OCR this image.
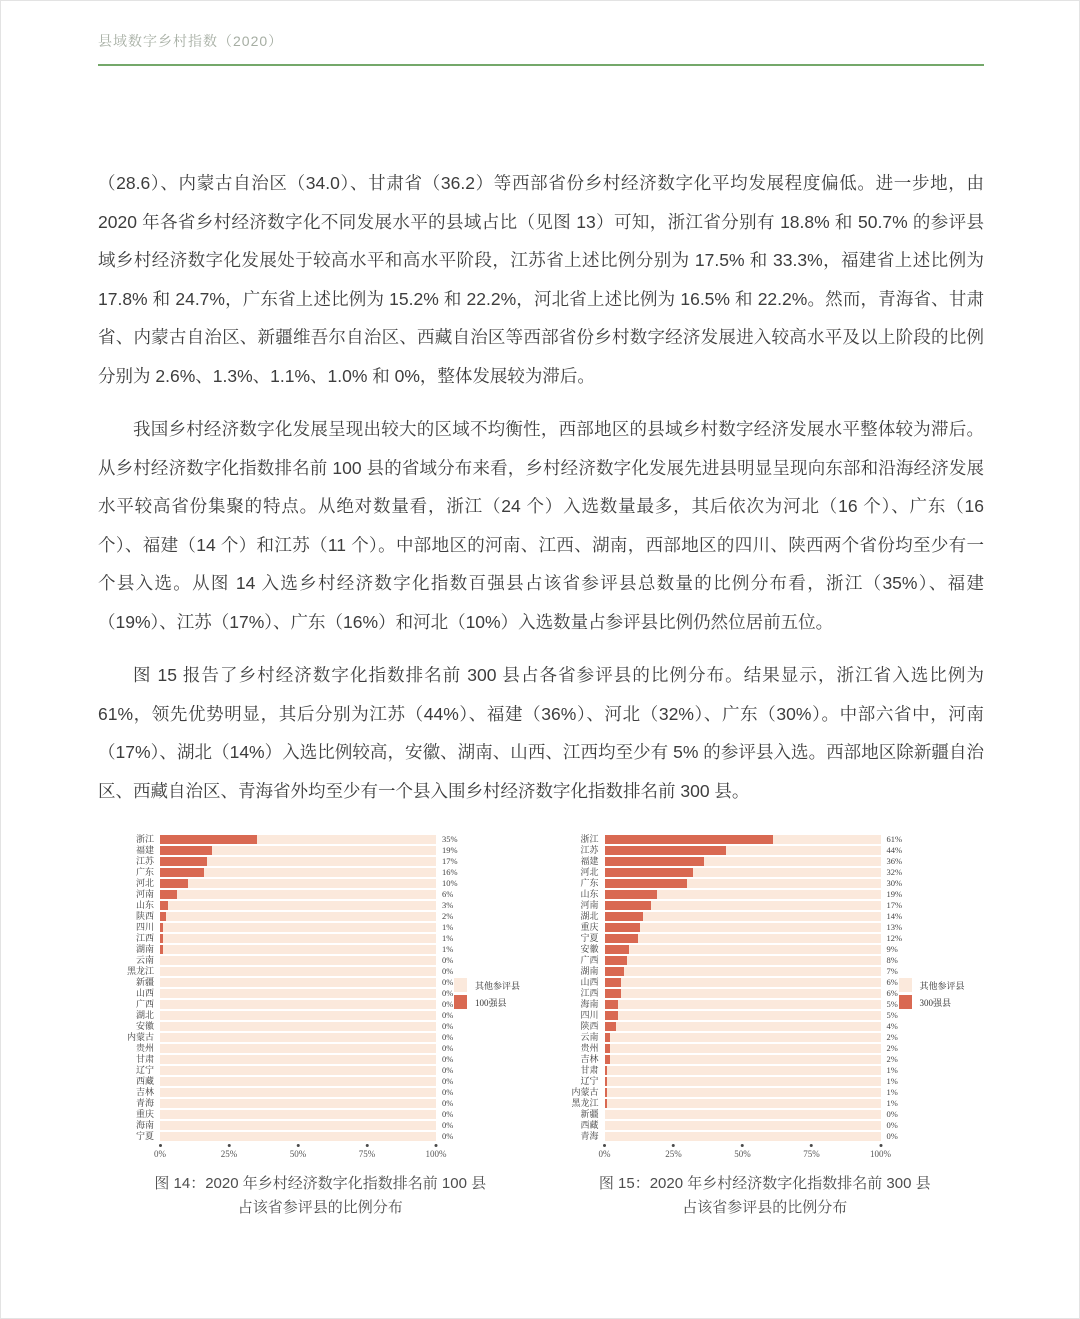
县域数字乡村指数（2020）

（28.6）、内蒙古自治区（34.0）、甘肃省（36.2）等西部省份乡村经济数字化平均发展程度偏低。进一步地，由 2020 年各省乡村经济数字化不同发展水平的县域占比（见图 13）可知，浙江省分别有 18.8% 和 50.7% 的参评县域乡村经济数字化发展处于较高水平和高水平阶段，江苏省上述比例分别为 17.5% 和 33.3%，福建省上述比例为 17.8% 和 24.7%，广东省上述比例为 15.2% 和 22.2%，河北省上述比例为 16.5% 和 22.2%。然而，青海省、甘肃省、内蒙古自治区、新疆维吾尔自治区、西藏自治区等西部省份乡村数字经济发展进入较高水平及以上阶段的比例分别为 2.6%、1.3%、1.1%、1.0% 和 0%，整体发展较为滞后。

我国乡村经济数字化发展呈现出较大的区域不均衡性，西部地区的县域乡村数字经济发展水平整体较为滞后。从乡村经济数字化指数排名前 100 县的省域分布来看，乡村经济数字化发展先进县明显呈现向东部和沿海经济发展水平较高省份集聚的特点。从绝对数量看，浙江（24 个）入选数量最多，其后依次为河北（16 个）、广东（16 个）、福建（14 个）和江苏（11 个）。中部地区的河南、江西、湖南，西部地区的四川、陕西两个省份均至少有一个县入选。从图 14 入选乡村经济数字化指数百强县占该省参评县总数量的比例分布看，浙江（35%）、福建（19%）、江苏（17%）、广东（16%）和河北（10%）入选数量占参评县比例仍然位居前五位。

图 15 报告了乡村经济数字化指数排名前 300 县占各省参评县的比例分布。结果显示，浙江省入选比例为 61%，领先优势明显，其后分别为江苏（44%）、福建（36%）、河北（32%）、广东（30%）。中部六省中，河南（17%）、湖北（14%）入选比例较高，安徽、湖南、山西、江西均至少有 5% 的参评县入选。西部地区除新疆自治区、西藏自治区、青海省外均至少有一个县入围乡村经济数字化指数排名前 300 县。

浙江
福建
江苏
广东
河北
河南
山东
陕西
四川
江西
湖南
云南
黑龙江
新疆
山西
广西
湖北
安徽
内蒙古
贵州
甘肃
辽宁
西藏
吉林
青海
重庆
海南
宁夏
0%	25%	50%	75%	100%
35%
19%
17%
16%
10%
6%
3%
2%
1%
1%
1%
0%
0%
0%
0%
0%
0%
0%
0%
0%
0%
0%
0%
0%
0%
0%
0%
0%
其他参评县
100强县
图 14：2020 年乡村经济数字化指数排名前 100 县
占该省参评县的比例分布
浙江
江苏
福建
河北
广东
山东
河南
湖北
重庆
宁夏
安徽
广西
湖南
山西
江西
海南
四川
陕西
云南
贵州
吉林
甘肃
辽宁
内蒙古
黑龙江
新疆
西藏
青海
0%	25%	50%	75%	100%
61%
44%
36%
32%
30%
19%
17%
14%
13%
12%
9%
8%
7%
6%
6%
5%
5%
4%
2%
2%
2%
1%
1%
1%
1%
0%
0%
0%
其他参评县
300强县
图 15：2020 年乡村经济数字化指数排名前 300 县
占该省参评县的比例分布
